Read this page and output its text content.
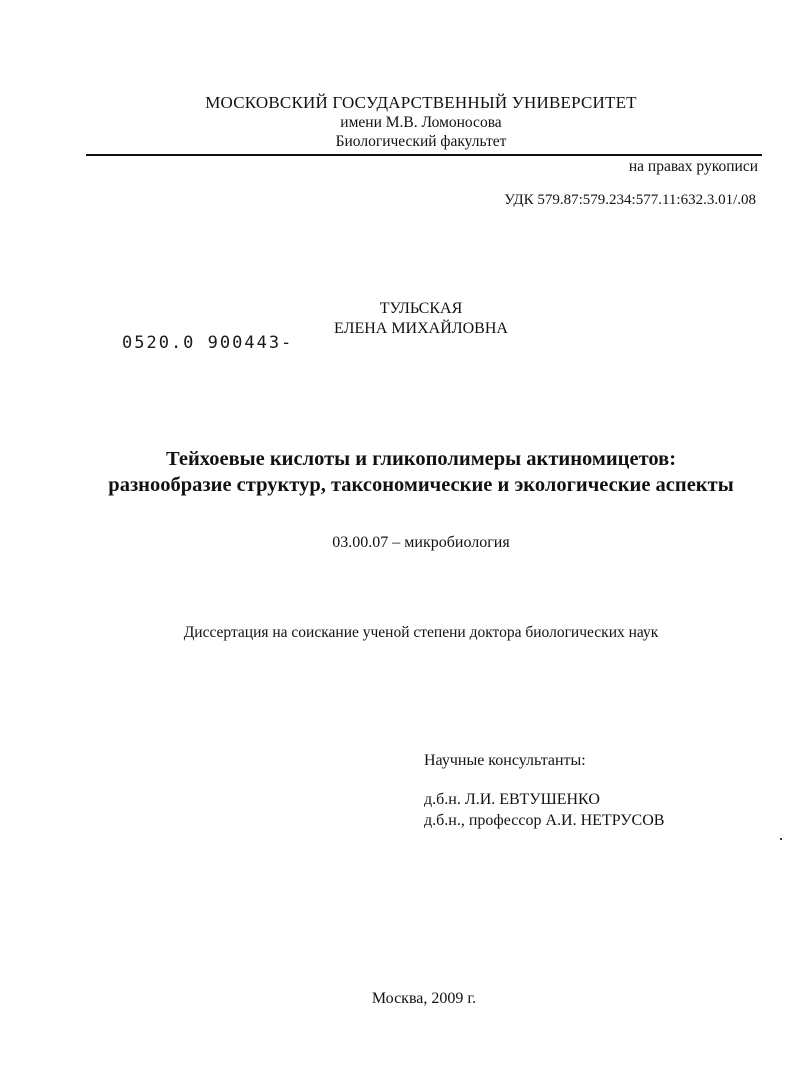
МОСКОВСКИЙ ГОСУДАРСТВЕННЫЙ УНИВЕРСИТЕТ
имени М.В. Ломоносова
Биологический факультет
на правах рукописи
УДК 579.87:579.234:577.11:632.3.01/.08
ТУЛЬСКАЯ
ЕЛЕНА МИХАЙЛОВНА
0520.0 900443-
Тейхоевые кислоты и гликополимеры актиномицетов:
разнообразие структур, таксономические и экологические аспекты
03.00.07 – микробиология
Диссертация на соискание ученой степени доктора биологических наук
Научные консультанты:
д.б.н. Л.И. ЕВТУШЕНКО
д.б.н., профессор А.И. НЕТРУСОВ
Москва, 2009 г.
